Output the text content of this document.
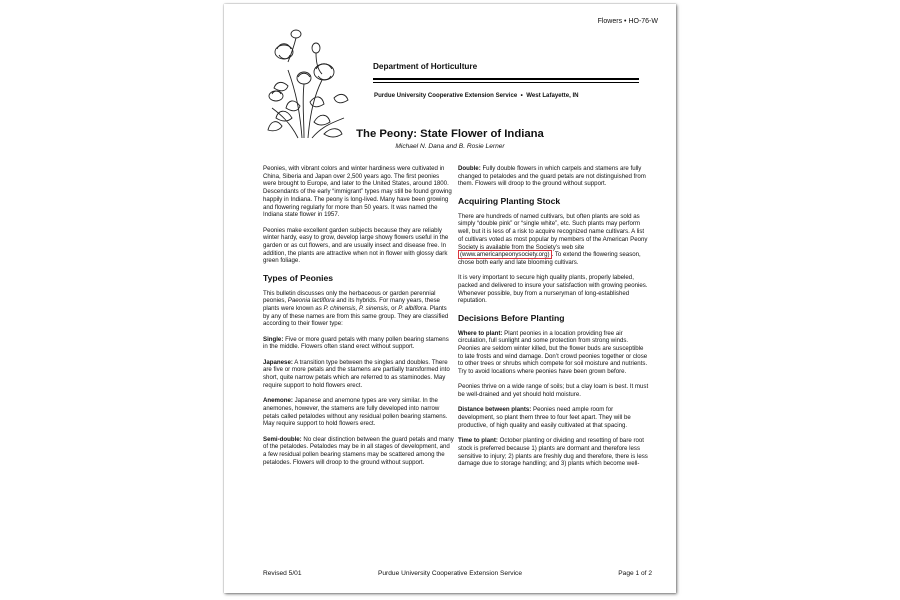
Flowers • HO-76-W
Department of Horticulture
Purdue University Cooperative Extension Service • West Lafayette, IN
The Peony: State Flower of Indiana
Michael N. Dana and B. Rosie Lerner

Peonies, with vibrant colors and winter hardiness were cultivated in China, Siberia and Japan over 2,500 years ago. The first peonies were brought to Europe, and later to the United States, around 1800. Descendants of the early “immigrant” types may still be found growing happily in Indiana. The peony is long-lived. Many have been growing and flowering regularly for more than 50 years. It was named the Indiana state flower in 1957.

Peonies make excellent garden subjects because they are reliably winter hardy, easy to grow, develop large showy flowers useful in the garden or as cut flowers, and are usually insect and disease free. In addition, the plants are attractive when not in flower with glossy dark green foliage.

Types of Peonies

This bulletin discusses only the herbaceous or garden perennial peonies, Paeonia lactiflora and its hybrids. For many years, these plants were known as P. chinensis, P. sinensis, or P. albiflora. Plants by any of these names are from this same group. They are classified according to their flower type:

Single: Five or more guard petals with many pollen bearing stamens in the middle. Flowers often stand erect without support.

Japanese: A transition type between the singles and doubles. There are five or more petals and the stamens are partially transformed into short, quite narrow petals which are referred to as staminodes. May require support to hold flowers erect.

Anemone: Japanese and anemone types are very similar. In the anemones, however, the stamens are fully developed into narrow petals called petalodes without any residual pollen bearing stamens. May require support to hold flowers erect.

Semi-double: No clear distinction between the guard petals and many of the petalodes. Petalodes may be in all stages of development, and a few residual pollen bearing stamens may be scattered among the petalodes. Flowers will droop to the ground without support.

Double: Fully double flowers in which carpels and stamens are fully changed to petalodes and the guard petals are not distinguished from them. Flowers will droop to the ground without support.

Acquiring Planting Stock

There are hundreds of named cultivars, but often plants are sold as simply “double pink” or “single white”, etc. Such plants may perform well, but it is less of a risk to acquire recognized name cultivars. A list of cultivars voted as most popular by members of the American Peony Society is available from the Society’s web site (www.americanpeonysociety.org) . To extend the flowering season, chose both early and late blooming cultivars.

It is very important to secure high quality plants, properly labeled, packed and delivered to insure your satisfaction with growing peonies. Whenever possible, buy from a nurseryman of long-established reputation.

Decisions Before Planting

Where to plant: Plant peonies in a location providing free air circulation, full sunlight and some protection from strong winds. Peonies are seldom winter killed, but the flower buds are susceptible to late frosts and wind damage. Don’t crowd peonies together or close to other trees or shrubs which compete for soil moisture and nutrients. Try to avoid locations where peonies have been grown before.

Peonies thrive on a wide range of soils; but a clay loam is best. It must be well-drained and yet should hold moisture.

Distance between plants: Peonies need ample room for development, so plant them three to four feet apart. They will be productive, of high quality and easily cultivated at that spacing.

Time to plant: October planting or dividing and resetting of bare root stock is preferred because 1) plants are dormant and therefore less sensitive to injury; 2) plants are freshly dug and therefore, there is less damage due to storage handling; and 3) plants which become well-

Revised 5/01	Purdue University Cooperative Extension Service	Page 1 of 2
